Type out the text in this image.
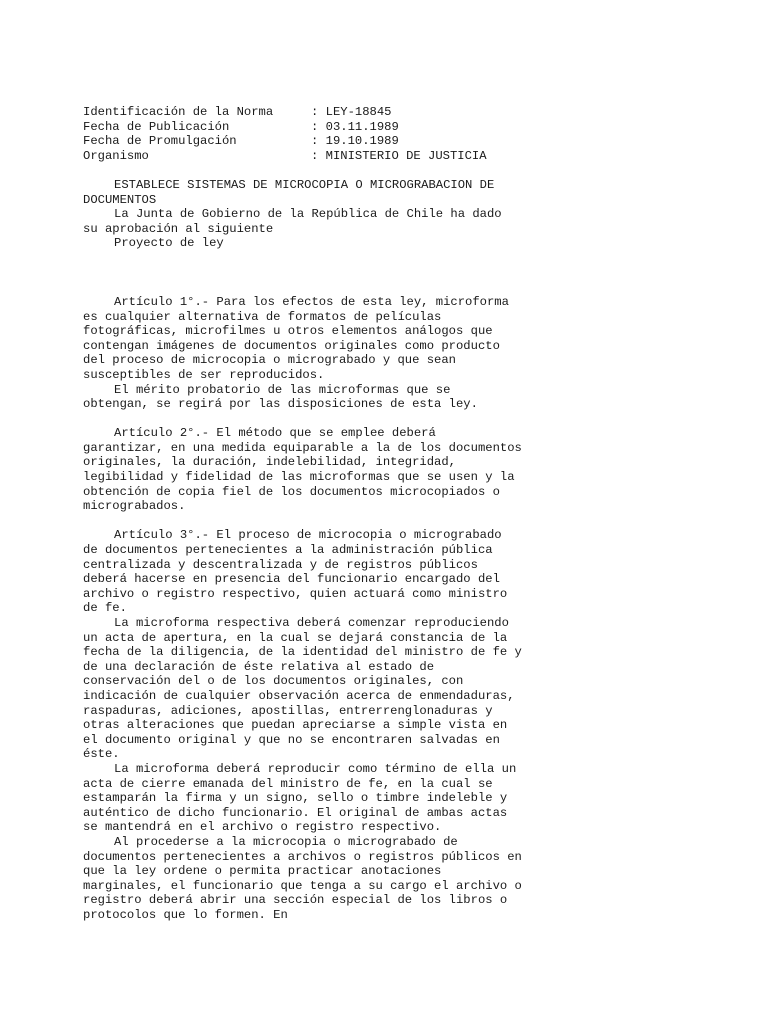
Identificación de la Norma	: LEY-18845
Fecha de Publicación	: 03.11.1989
Fecha de Promulgación	: 19.10.1989
Organismo	: MINISTERIO DE JUSTICIA

ESTABLECE SISTEMAS DE MICROCOPIA O MICROGRABACION DE DOCUMENTOS

La Junta de Gobierno de la República de Chile ha dado su aprobación al siguiente

Proyecto de ley

Artículo 1°.- Para los efectos de esta ley, microforma es cualquier alternativa de formatos de películas fotográficas, microfilmes u otros elementos análogos que contengan imágenes de documentos originales como producto del proceso de microcopia o micrograbado y que sean susceptibles de ser reproducidos.

El mérito probatorio de las microformas que se obtengan, se regirá por las disposiciones de esta ley.

Artículo 2°.- El método que se emplee deberá garantizar, en una medida equiparable a la de los documentos originales, la duración, indelebilidad, integridad, legibilidad y fidelidad de las microformas que se usen y la obtención de copia fiel de los documentos microcopiados o micrograbados.

Artículo 3°.- El proceso de microcopia o micrograbado de documentos pertenecientes a la administración pública centralizada y descentralizada y de registros públicos deberá hacerse en presencia del funcionario encargado del archivo o registro respectivo, quien actuará como ministro de fe.

La microforma respectiva deberá comenzar reproduciendo un acta de apertura, en la cual se dejará constancia de la fecha de la diligencia, de la identidad del ministro de fe y de una declaración de éste relativa al estado de conservación del o de los documentos originales, con indicación de cualquier observación acerca de enmendaduras, raspaduras, adiciones, apostillas, entrerrenglonaduras y otras alteraciones que puedan apreciarse a simple vista en el documento original y que no se encontraren salvadas en éste.

La microforma deberá reproducir como término de ella un acta de cierre emanada del ministro de fe, en la cual se estamparán la firma y un signo, sello o timbre indeleble y auténtico de dicho funcionario. El original de ambas actas se mantendrá en el archivo o registro respectivo.

Al procederse a la microcopia o micrograbado de documentos pertenecientes a archivos o registros públicos en que la ley ordene o permita practicar anotaciones marginales, el funcionario que tenga a su cargo el archivo o registro deberá abrir una sección especial de los libros o protocolos que lo formen. En
